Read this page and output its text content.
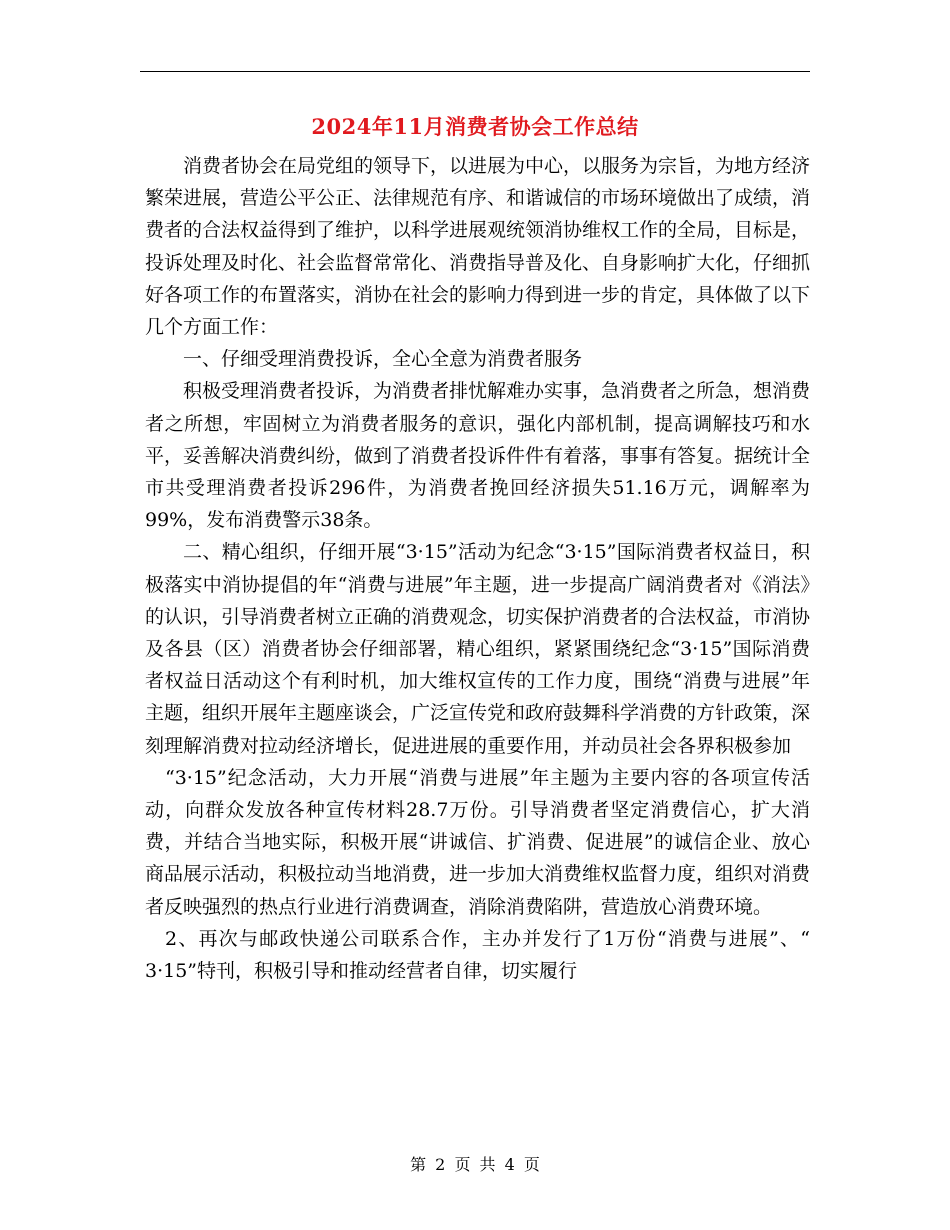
2024年11月消费者协会工作总结

消费者协会在局党组的领导下，以进展为中心，以服务为宗旨，为地方经济繁荣进展，营造公平公正、法律规范有序、和谐诚信的市场环境做出了成绩，消费者的合法权益得到了维护，以科学进展观统领消协维权工作的全局，目标是，投诉处理及时化、社会监督常常化、消费指导普及化、自身影响扩大化，仔细抓好各项工作的布置落实，消协在社会的影响力得到进一步的肯定，具体做了以下几个方面工作：

一、仔细受理消费投诉，全心全意为消费者服务

积极受理消费者投诉，为消费者排忧解难办实事，急消费者之所急，想消费者之所想，牢固树立为消费者服务的意识，强化内部机制，提高调解技巧和水平，妥善解决消费纠纷，做到了消费者投诉件件有着落，事事有答复。据统计全市共受理消费者投诉296件，为消费者挽回经济损失51.16万元，调解率为99%，发布消费警示38条。

二、精心组织，仔细开展“3·15”活动为纪念“3·15”国际消费者权益日，积极落实中消协提倡的年“消费与进展”年主题，进一步提高广阔消费者对《消法》的认识，引导消费者树立正确的消费观念，切实保护消费者的合法权益，市消协及各县（区）消费者协会仔细部署，精心组织，紧紧围绕纪念“3·15”国际消费者权益日活动这个有利时机，加大维权宣传的工作力度，围绕“消费与进展”年主题，组织开展年主题座谈会，广泛宣传党和政府鼓舞科学消费的方针政策，深刻理解消费对拉动经济增长，促进进展的重要作用，并动员社会各界积极参加

“3·15”纪念活动，大力开展“消费与进展”年主题为主要内容的各项宣传活动，向群众发放各种宣传材料28.7万份。引导消费者坚定消费信心，扩大消费，并结合当地实际，积极开展“讲诚信、扩消费、促进展”的诚信企业、放心商品展示活动，积极拉动当地消费，进一步加大消费维权监督力度，组织对消费者反映强烈的热点行业进行消费调查，消除消费陷阱，营造放心消费环境。

2、再次与邮政快递公司联系合作，主办并发行了1万份“消费与进展”、“ 3·15”特刊，积极引导和推动经营者自律，切实履行

第 2 页 共 4 页
